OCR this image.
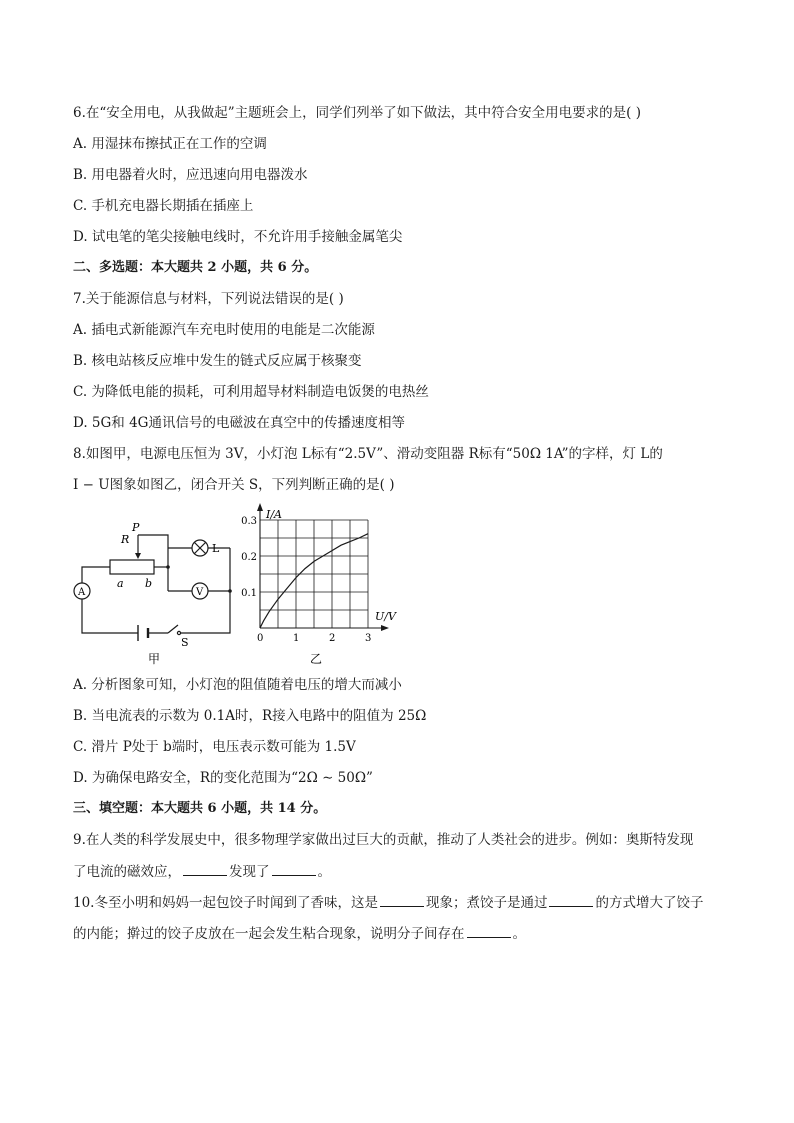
6.在“安全用电，从我做起”主题班会上，同学们列举了如下做法，其中符合安全用电要求的是( )
A. 用湿抹布擦拭正在工作的空调
B. 用电器着火时，应迅速向用电器泼水
C. 手机充电器长期插在插座上
D. 试电笔的笔尖接触电线时，不允许用手接触金属笔尖
二、多选题：本大题共 2 小题，共 6 分。
7.关于能源信息与材料，下列说法错误的是( )
A. 插电式新能源汽车充电时使用的电能是二次能源
B. 核电站核反应堆中发生的链式反应属于核聚变
C. 为降低电能的损耗，可利用超导材料制造电饭煲的电热丝
D. 5G和 4G通讯信号的电磁波在真空中的传播速度相等
8.如图甲，电源电压恒为 3V，小灯泡 L标有“2.5V”、滑动变阻器 R标有“50Ω 1A”的字样，灯 L的
I − U图象如图乙，闭合开关 S，下列判断正确的是( )
P
R
a b
L
A	V
S
甲
0	1	2	3
0.1
0.2
0.3
I/A
U/V
乙
A. 分析图象可知，小灯泡的阻值随着电压的增大而减小
B. 当电流表的示数为 0.1A时，R接入电路中的阻值为 25Ω
C. 滑片 P处于 b端时，电压表示数可能为 1.5V
D. 为确保电路安全，R的变化范围为“2Ω ∼ 50Ω”
三、填空题：本大题共 6 小题，共 14 分。
9.在人类的科学发展史中，很多物理学家做出过巨大的贡献，推动了人类社会的进步。例如：奥斯特发现
了电流的磁效应，	发现了	。
10.冬至小明和妈妈一起包饺子时闻到了香味，这是	现象；煮饺子是通过	的方式增大了饺子
的内能；擀过的饺子皮放在一起会发生粘合现象，说明分子间存在	。
